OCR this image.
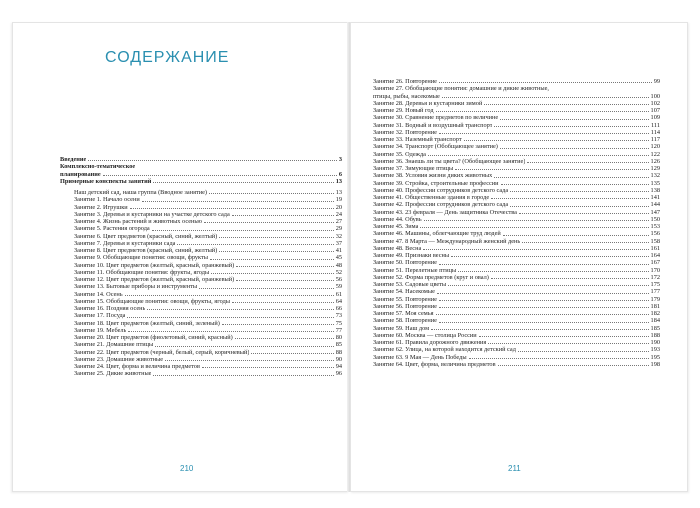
СОДЕРЖАНИЕ
Введение	3
Комплексно-тематическое
планирование	6
Примерные конспекты занятий	13
Наш детский сад, наша группа (Вводное занятие)	13
Занятие 1. Начало осени	19
Занятие 2. Игрушки	20
Занятие 3. Деревья и кустарники на участке детского сада	24
Занятие 4. Жизнь растений и животных осенью	27
Занятие 5. Растения огорода	29
Занятие 6. Цвет предметов (красный, синий, желтый)	32
Занятие 7. Деревья и кустарники сада	37
Занятие 8. Цвет предметов (красный, синий, желтый)	41
Занятие 9. Обобщающие понятия: овощи, фрукты	45
Занятие 10. Цвет предметов (желтый, красный, оранжевый)	48
Занятие 11. Обобщающие понятия: фрукты, ягоды	52
Занятие 12. Цвет предметов (желтый, красный, оранжевый)	56
Занятие 13. Бытовые приборы и инструменты	59
Занятие 14. Осень	61
Занятие 15. Обобщающие понятия: овощи, фрукты, ягоды	64
Занятие 16. Поздняя осень	66
Занятие 17. Посуда	73
Занятие 18. Цвет предметов (желтый, синий, зеленый)	75
Занятие 19. Мебель	77
Занятие 20. Цвет предметов (фиолетовый, синий, красный)	80
Занятие 21. Домашние птицы	85
Занятие 22. Цвет предметов (черный, белый, серый, коричневый)	88
Занятие 23. Домашние животные	90
Занятие 24. Цвет, форма и величина предметов	94
Занятие 25. Дикие животные	96
210
Занятие 26. Повторение	99
Занятие 27. Обобщающие понятия: домашние и дикие животные,
птицы, рыбы, насекомые	100
Занятие 28. Деревья и кустарники зимой	102
Занятие 29. Новый год	107
Занятие 30. Сравнение предметов по величине	109
Занятие 31. Водный и воздушный транспорт	111
Занятие 32. Повторение	114
Занятие 33. Наземный транспорт	117
Занятие 34. Транспорт (Обобщающее занятие)	120
Занятие 35. Одежда	122
Занятие 36. Знаешь ли ты цвета? (Обобщающее занятие)	126
Занятие 37. Зимующие птицы	129
Занятие 38. Условия жизни диких животных	132
Занятие 39. Стройка, строительные профессии	135
Занятие 40. Профессии сотрудников детского сада	138
Занятие 41. Общественные здания в городе	141
Занятие 42. Профессии сотрудников детского сада	144
Занятие 43. 23 февраля — День защитника Отечества	147
Занятие 44. Обувь	150
Занятие 45. Зима	153
Занятие 46. Машины, облегчающие труд людей	156
Занятие 47. 8 Марта — Международный женский день	158
Занятие 48. Весна	161
Занятие 49. Признаки весны	164
Занятие 50. Повторение	167
Занятие 51. Перелетные птицы	170
Занятие 52. Форма предметов (круг и овал)	172
Занятие 53. Садовые цветы	175
Занятие 54. Насекомые	177
Занятие 55. Повторение	179
Занятие 56. Повторение	181
Занятие 57. Моя семья	182
Занятие 58. Повторение	184
Занятие 59. Наш дом	185
Занятие 60. Москва — столица России	188
Занятие 61. Правила дорожного движения	190
Занятие 62. Улица, на которой находится детский сад	193
Занятие 63. 9 Мая — День Победы	195
Занятие 64. Цвет, форма, величина предметов	198
211
